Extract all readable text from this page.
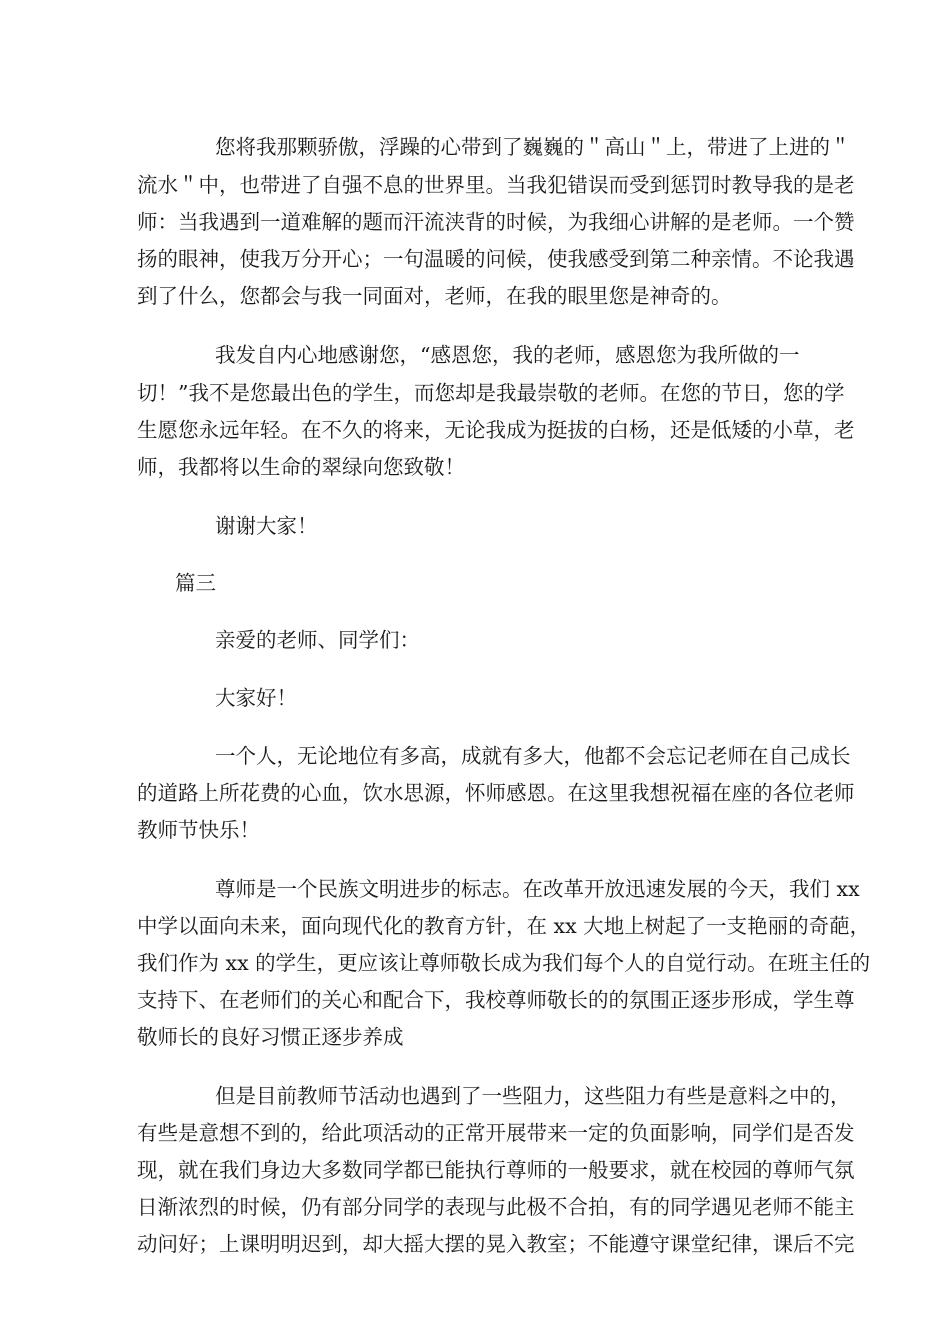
您将我那颗骄傲，浮躁的心带到了巍巍的＂高山＂上，带进了上进的＂
流水＂中，也带进了自强不息的世界里。当我犯错误而受到惩罚时教导我的是老
师：当我遇到一道难解的题而汗流浃背的时候，为我细心讲解的是老师。一个赞
扬的眼神，使我万分开心；一句温暖的问候，使我感受到第二种亲情。不论我遇
到了什么，您都会与我一同面对，老师，在我的眼里您是神奇的。
我发自内心地感谢您，“感恩您，我的老师，感恩您为我所做的一
切！”我不是您最出色的学生，而您却是我最崇敬的老师。在您的节日，您的学
生愿您永远年轻。在不久的将来，无论我成为挺拔的白杨，还是低矮的小草，老
师，我都将以生命的翠绿向您致敬！
谢谢大家！
篇三
亲爱的老师、同学们：
大家好！
一个人，无论地位有多高，成就有多大，他都不会忘记老师在自己成长
的道路上所花费的心血，饮水思源，怀师感恩。在这里我想祝福在座的各位老师
教师节快乐！
尊师是一个民族文明进步的标志。在改革开放迅速发展的今天，我们 xx
中学以面向未来，面向现代化的教育方针，在 xx 大地上树起了一支艳丽的奇葩，
我们作为 xx 的学生，更应该让尊师敬长成为我们每个人的自觉行动。在班主任的
支持下、在老师们的关心和配合下，我校尊师敬长的的氛围正逐步形成，学生尊
敬师长的良好习惯正逐步养成
但是目前教师节活动也遇到了一些阻力，这些阻力有些是意料之中的，
有些是意想不到的，给此项活动的正常开展带来一定的负面影响，同学们是否发
现，就在我们身边大多数同学都已能执行尊师的一般要求，就在校园的尊师气氛
日渐浓烈的时候，仍有部分同学的表现与此极不合拍，有的同学遇见老师不能主
动问好；上课明明迟到，却大摇大摆的晃入教室；不能遵守课堂纪律，课后不完
